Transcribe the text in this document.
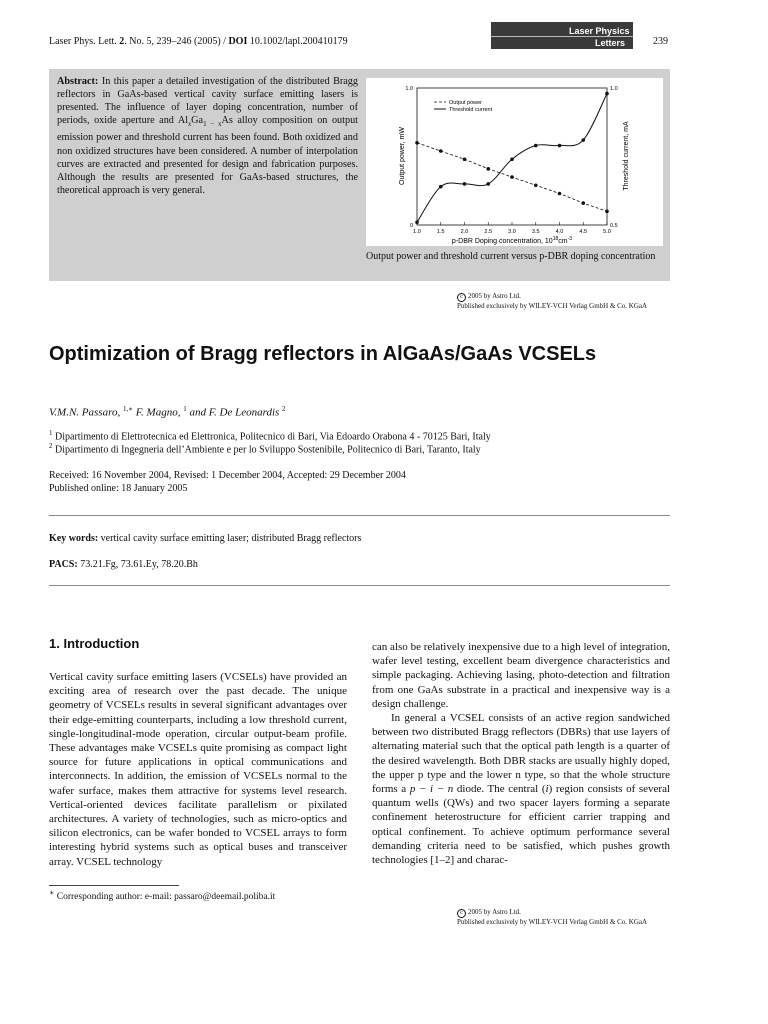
Laser Phys. Lett. 2. No. 5, 239–246 (2005) / DOI 10.1002/lapl.200410179
Laser Physics
Letters	239
Abstract: In this paper a detailed investigation of the distributed Bragg reflectors in GaAs-based vertical cavity surface emitting lasers is presented. The influence of layer doping concentration, number of periods, oxide aperture and $Al_xGa_{1 - x}As$ alloy composition on output emission power and threshold current has been found. Both oxidized and non oxidized structures have been considered. A number of interpolation curves are extracted and presented for design and fabrication purposes. Although the results are presented for GaAs-based structures, the theoretical approach is very general.
1.0	1.5	2.0	2.5	3.0	3.5	4.0	4.5	5.0
0
1.0
0.5
1.0
Output power
Threshold current
p-DBR Doping concentration, $10^{18}cm^{-3}$
Output power, mW	Threshold current, mA
Output power and threshold current versus p-DBR doping concentration
c 2005 by Astro Ltd.
Published exclusively by WILEY-VCH Verlag GmbH & Co. KGaA
Optimization of Bragg reflectors in AlGaAs/GaAs VCSELs
V.M.N. Passaro, $^{1,∗}$ F. Magno, $^1$ and F. De Leonardis $^2$
$^1$ Dipartimento di Elettrotecnica ed Elettronica, Politecnico di Bari, Via Edoardo Orabona 4 - 70125 Bari, Italy
$^2$ Dipartimento di Ingegneria dell’Ambiente e per lo Sviluppo Sostenibile, Politecnico di Bari, Taranto, Italy
Received: 16 November 2004, Revised: 1 December 2004, Accepted: 29 December 2004
Published online: 18 January 2005
Key words: vertical cavity surface emitting laser; distributed Bragg reflectors
PACS: 73.21.Fg, 73.61.Ey, 78.20.Bh
1. Introduction

Vertical cavity surface emitting lasers (VCSELs) have provided an exciting area of research over the past decade. The unique geometry of VCSELs results in several significant advantages over their edge-emitting counterparts, including a low threshold current, single-longitudinal-mode operation, circular output-beam profile. These advantages make VCSELs quite promising as compact light source for future applications in optical communications and interconnects. In addition, the emission of VCSELs normal to the wafer surface, makes them attractive for systems level research. Vertical-oriented devices facilitate parallelism or pixilated architectures. A variety of technologies, such as micro-optics and silicon electronics, can be wafer bonded to VCSEL arrays to form interesting hybrid systems such as optical buses and transceiver array. VCSEL technology

can also be relatively inexpensive due to a high level of integration, wafer level testing, excellent beam divergence characteristics and simple packaging. Achieving lasing, photo-detection and filtration from one GaAs substrate in a practical and inexpensive way is a design challenge.

In general a VCSEL consists of an active region sandwiched between two distributed Bragg reflectors (DBRs) that use layers of alternating material such that the optical path length is a quarter of the desired wavelength. Both DBR stacks are usually highly doped, the upper p type and the lower n type, so that the whole structure forms a p − i − n diode. The central (i) region consists of several quantum wells (QWs) and two spacer layers forming a separate confinement heterostructure for efficient carrier trapping and optical confinement. To achieve optimum performance several demanding criteria need to be satisfied, which pushes growth technologies [1–2] and charac-

∗ Corresponding author: e-mail: passaro@deemail.poliba.it
c 2005 by Astro Ltd.
Published exclusively by WILEY-VCH Verlag GmbH & Co. KGaA
